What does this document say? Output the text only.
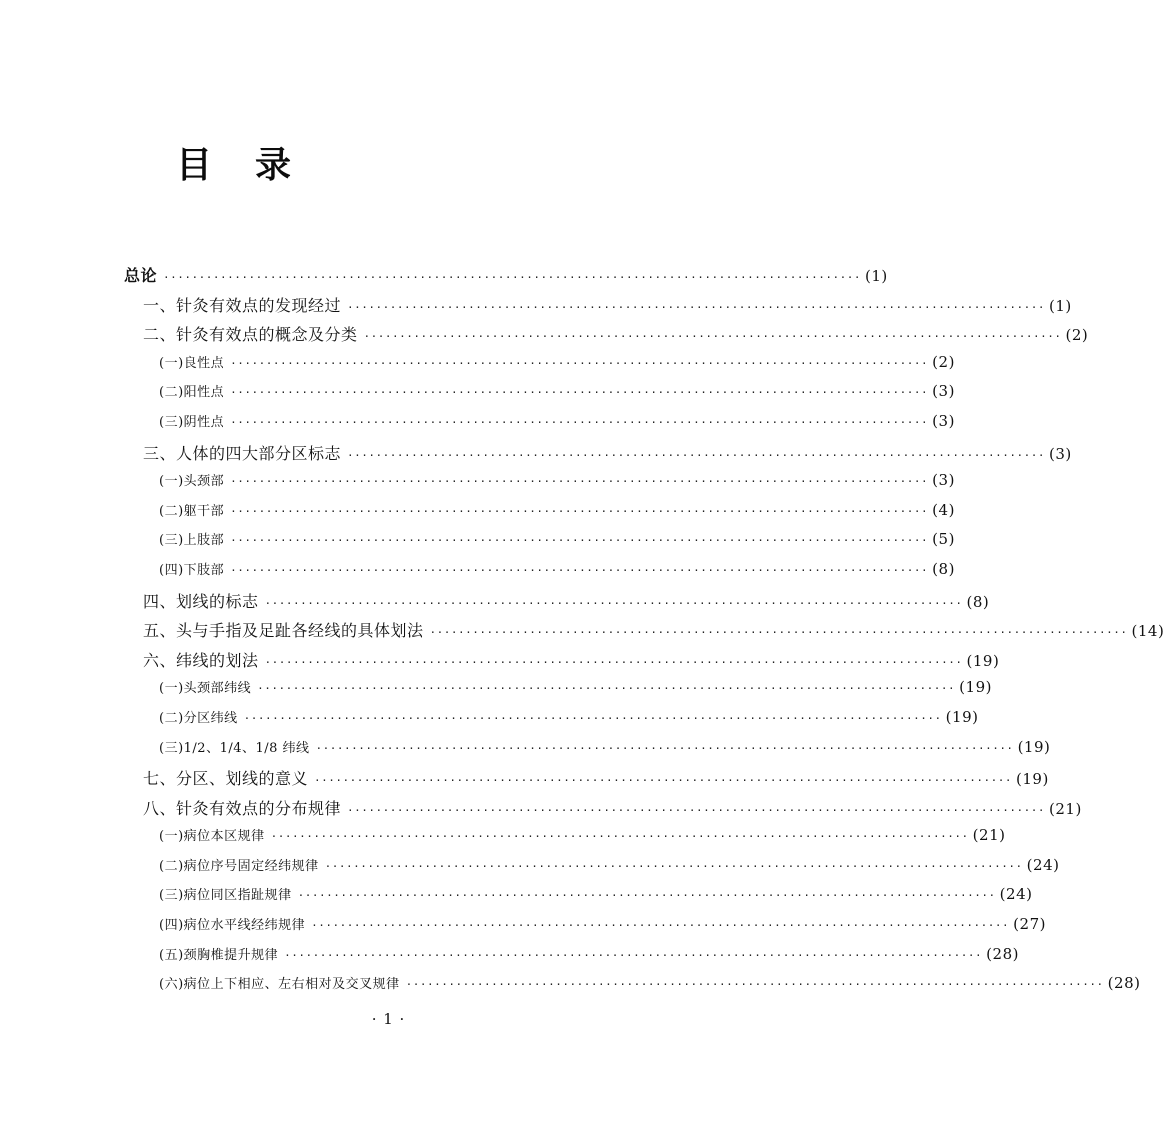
目 录
总论 ·································································································· (1)
一、针灸有效点的发现经过 ·································································································· (1)
二、针灸有效点的概念及分类 ·································································································· (2)
(一)良性点 ·································································································· (2)
(二)阳性点 ·································································································· (3)
(三)阴性点 ·································································································· (3)
三、人体的四大部分区标志 ·································································································· (3)
(一)头颈部 ·································································································· (3)
(二)躯干部 ·································································································· (4)
(三)上肢部 ·································································································· (5)
(四)下肢部 ·································································································· (8)
四、划线的标志 ·································································································· (8)
五、头与手指及足趾各经线的具体划法 ·································································································· (14)
六、纬线的划法 ·································································································· (19)
(一)头颈部纬线 ·································································································· (19)
(二)分区纬线 ·································································································· (19)
(三)1/2、1/4、1/8 纬线 ·································································································· (19)
七、分区、划线的意义 ·································································································· (19)
八、针灸有效点的分布规律 ·································································································· (21)
(一)病位本区规律 ·································································································· (21)
(二)病位序号固定经纬规律 ·································································································· (24)
(三)病位同区指趾规律 ·································································································· (24)
(四)病位水平线经纬规律 ·································································································· (27)
(五)颈胸椎提升规律 ·································································································· (28)
(六)病位上下相应、左右相对及交叉规律 ·································································································· (28)
· 1 ·
